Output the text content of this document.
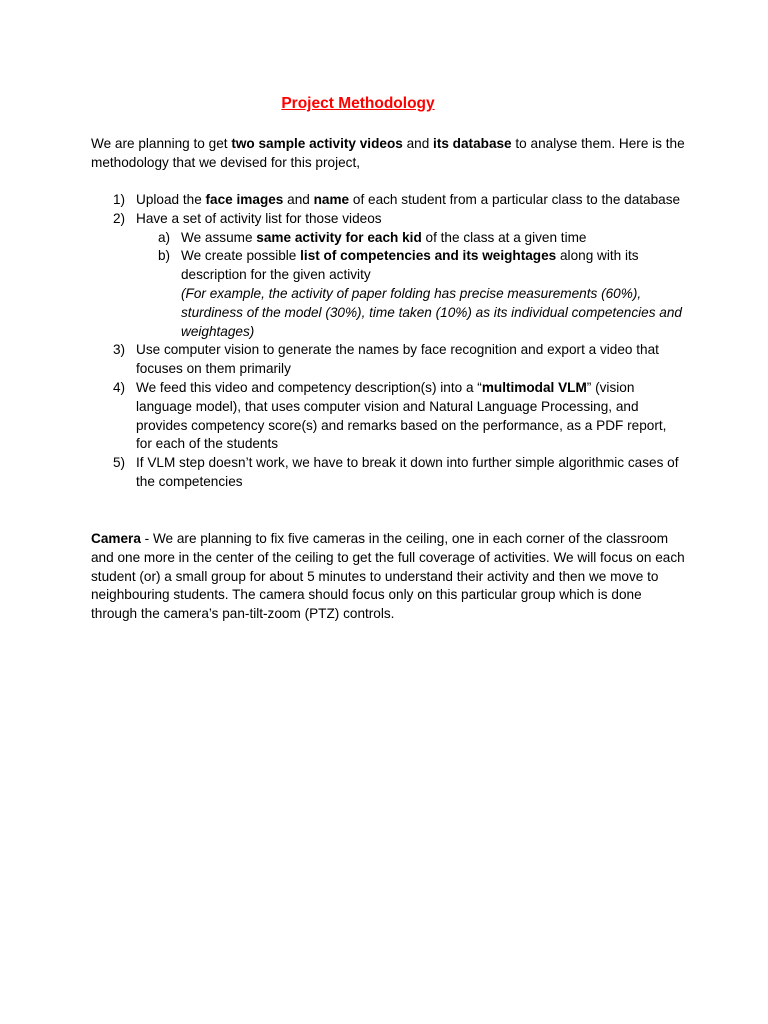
Project Methodology

We are planning to get two sample activity videos and its database to analyse them. Here is the methodology that we devised for this project,

1) Upload the face images and name of each student from a particular class to the database
2) Have a set of activity list for those videos
a) We assume same activity for each kid of the class at a given time
b) We create possible list of competencies and its weightages along with its description for the given activity
(For example, the activity of paper folding has precise measurements (60%), sturdiness of the model (30%), time taken (10%) as its individual competencies and weightages)
3) Use computer vision to generate the names by face recognition and export a video that focuses on them primarily
4) We feed this video and competency description(s) into a “multimodal VLM” (vision language model), that uses computer vision and Natural Language Processing, and provides competency score(s) and remarks based on the performance, as a PDF report, for each of the students
5) If VLM step doesn’t work, we have to break it down into further simple algorithmic cases of the competencies

Camera - We are planning to fix five cameras in the ceiling, one in each corner of the classroom and one more in the center of the ceiling to get the full coverage of activities. We will focus on each student (or) a small group for about 5 minutes to understand their activity and then we move to neighbouring students. The camera should focus only on this particular group which is done through the camera’s pan-tilt-zoom (PTZ) controls.
